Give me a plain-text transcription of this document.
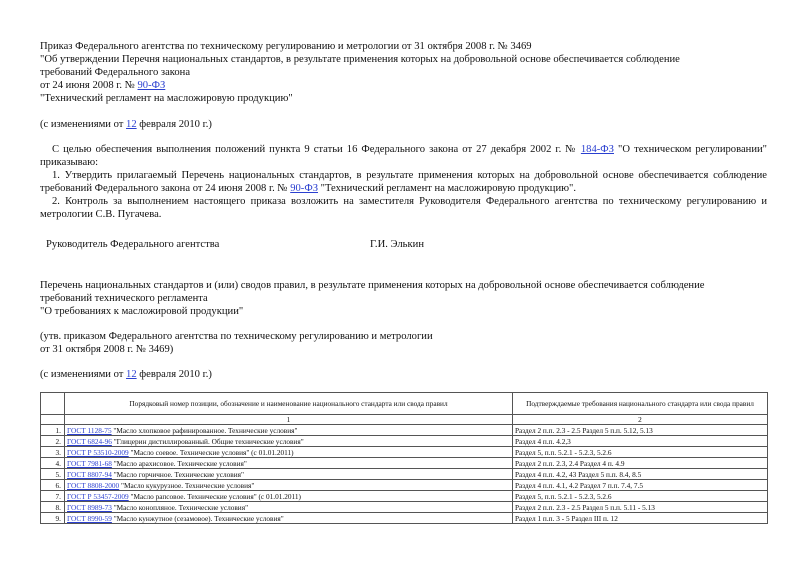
Приказ Федерального агентства по техническому регулированию и метрологии от 31 октября 2008 г. № 3469
"Об утверждении Перечня национальных стандартов, в результате применения которых на добровольной основе обеспечивается соблюдение
требований Федерального закона
от 24 июня 2008 г. № 90-ФЗ
"Технический регламент на масложировую продукцию"
(с изменениями от 12 февраля 2010 г.)
С целью обеспечения выполнения положений пункта 9 статьи 16 Федерального закона от 27 декабря 2002 г. № 184-ФЗ "О техническом регулировании" приказываю:
1. Утвердить прилагаемый Перечень национальных стандартов, в результате применения которых на добровольной основе обеспечивается соблюдение требований Федерального закона от 24 июня 2008 г. № 90-ФЗ "Технический регламент на масложировую продукцию".
2. Контроль за выполнением настоящего приказа возложить на заместителя Руководителя Федерального агентства по техническому регулированию и метрологии С.В. Пугачева.
Руководитель Федерального агентства	Г.И. Элькин
Перечень национальных стандартов и (или) сводов правил, в результате применения которых на добровольной основе обеспечивается соблюдение
требований технического регламента
"О требованиях к масложировой продукции"
(утв. приказом Федерального агентства по техническому регулированию и метрологии
от 31 октября 2008 г. № 3469)
(с изменениями от 12 февраля 2010 г.)
	Порядковый номер позиции, обозначение и наименование национального стандарта или свода правил	Подтверждаемые требования национального стандарта или свода правил
	1	2
1.	ГОСТ 1128-75 "Масло хлопковое рафинированное. Технические условия"	Раздел 2 п.п. 2.3 - 2.5 Раздел 5 п.п. 5.12, 5.13
2.	ГОСТ 6824-96 "Глицерин дистиллированный. Общие технические условия"	Раздел 4 п.п. 4.2,3
3.	ГОСТ Р 53510-2009 "Масло соевое. Технические условия" (с 01.01.2011)	Раздел 5, п.п. 5.2.1 - 5.2.3, 5.2.6
4.	ГОСТ 7981-68 "Масло арахисовое. Технические условия"	Раздел 2 п.п. 2.3, 2.4 Раздел 4 п. 4.9
5.	ГОСТ 8807-94 "Масло горчичное. Технические условия"	Раздел 4 п.п. 4.2, 43 Раздел 5 п.п. 8.4, 8.5
6.	ГОСТ 8808-2000 "Масло кукурузное. Технические условия"	Раздел 4 п.п. 4.1, 4.2 Раздел 7 п.п. 7.4, 7.5
7.	ГОСТ Р 53457-2009 "Масло рапсовое. Технические условия" (с 01.01.2011)	Раздел 5, п.п. 5.2.1 - 5.2.3, 5.2.6
8.	ГОСТ 8989-73 "Масло конопляное. Технические условия"	Раздел 2 п.п. 2.3 - 2.5 Раздел 5 п.п. 5.11 - 5.13
9.	ГОСТ 8990-59 "Масло кунжутное (сезамовое). Технические условия"	Раздел 1 п.п. 3 - 5 Раздел III п. 12
